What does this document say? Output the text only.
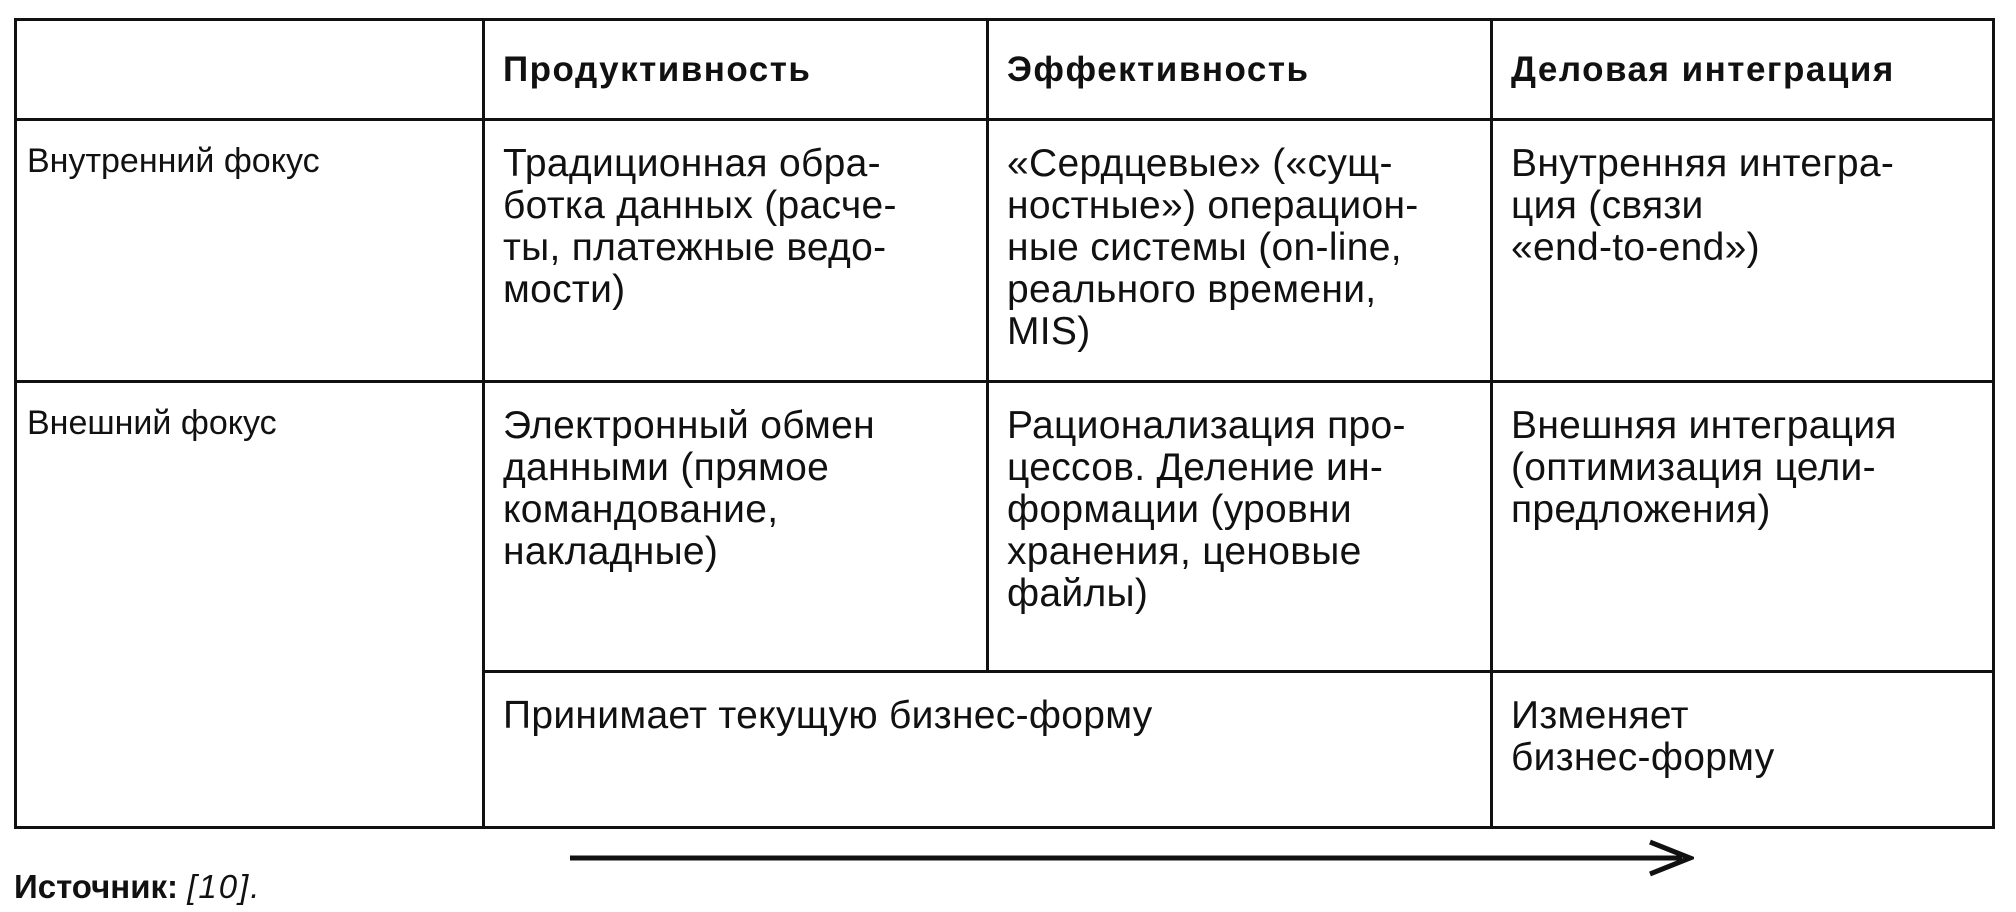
	Продуктивность	Эффективность	Деловая интеграция
Внутренний фокус	Традиционная обра-
ботка данных (расче-
ты, платежные ведо-
мости)	«Сердцевые» («сущ-
ностные») операцион-
ные системы (on-line,
реального времени,
MIS)	Внутренняя интегра-
ция (связи
«end-to-end»)

Внешний фокус	Электронный обмен
данными (прямое
командование,
накладные)	Рационализация про-
цессов. Деление ин-
формации (уровни
хранения, ценовые
файлы)	Внешняя интеграция
(оптимизация цели-
предложения)

	Принимает текущую бизнес-форму		Изменяет
бизнес-форму
Источник: [10].
